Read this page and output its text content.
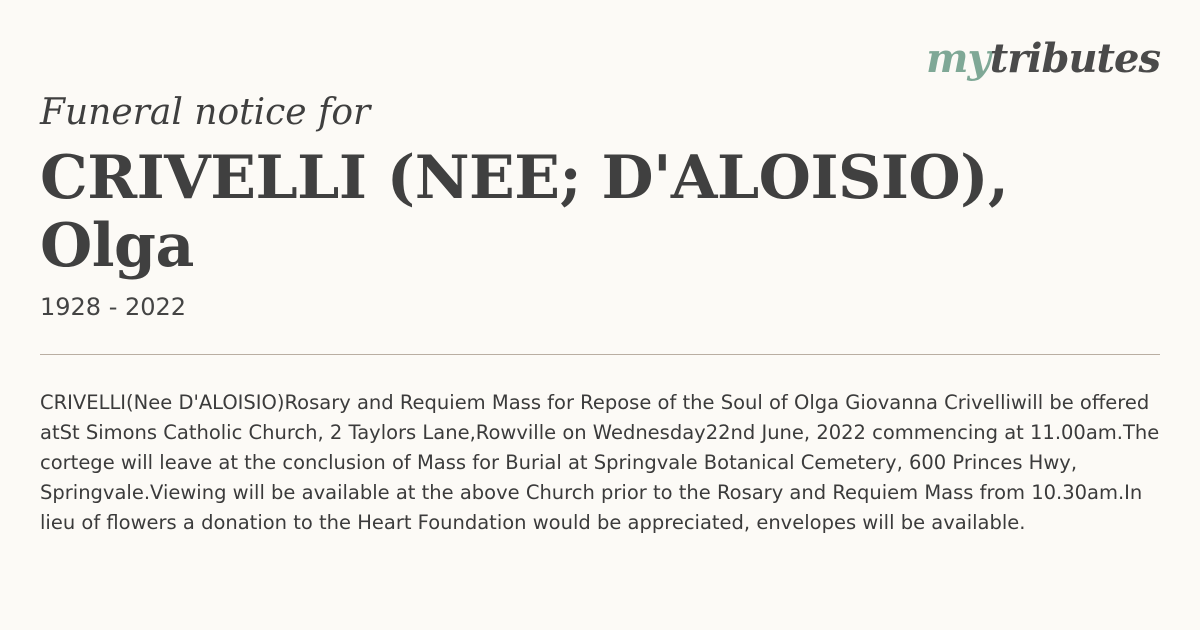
mytributes
Funeral notice for
CRIVELLI (NEE; D'ALOISIO),
Olga
1928 - 2022
CRIVELLI(Nee D'ALOISIO)Rosary and Requiem Mass for Repose of the Soul of Olga Giovanna Crivelliwill be offered
atSt Simons Catholic Church, 2 Taylors Lane,Rowville on Wednesday22nd June, 2022 commencing at 11.00am.The
cortege will leave at the conclusion of Mass for Burial at Springvale Botanical Cemetery, 600 Princes Hwy,
Springvale.Viewing will be available at the above Church prior to the Rosary and Requiem Mass from 10.30am.In
lieu of flowers a donation to the Heart Foundation would be appreciated, envelopes will be available.
